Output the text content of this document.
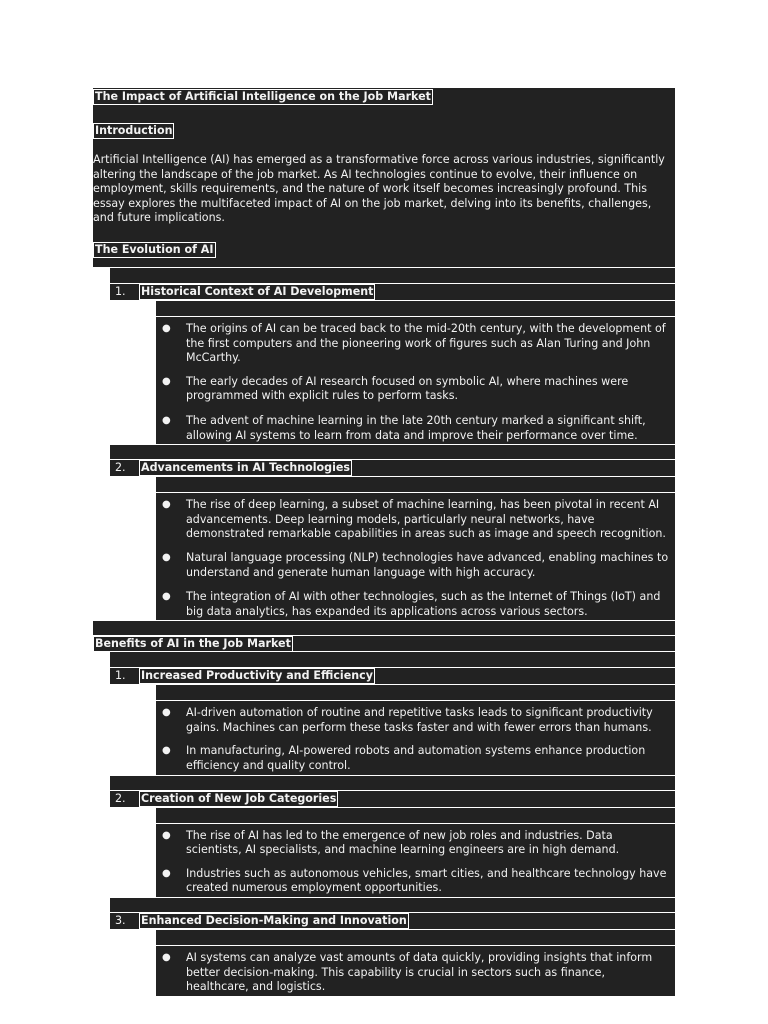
The Impact of Artificial Intelligence on the Job Market
Introduction
Artificial Intelligence (AI) has emerged as a transformative force across various industries, significantly altering the landscape of the job market. As AI technologies continue to evolve, their influence on employment, skills requirements, and the nature of work itself becomes increasingly profound. This essay explores the multifaceted impact of AI on the job market, delving into its benefits, challenges, and future implications.
The Evolution of AI
1. Historical Context of AI Development
● The origins of AI can be traced back to the mid-20th century, with the development of the first computers and the pioneering work of figures such as Alan Turing and John McCarthy.
● The early decades of AI research focused on symbolic AI, where machines were programmed with explicit rules to perform tasks.
● The advent of machine learning in the late 20th century marked a significant shift, allowing AI systems to learn from data and improve their performance over time.
2. Advancements in AI Technologies
● The rise of deep learning, a subset of machine learning, has been pivotal in recent AI advancements. Deep learning models, particularly neural networks, have demonstrated remarkable capabilities in areas such as image and speech recognition.
● Natural language processing (NLP) technologies have advanced, enabling machines to understand and generate human language with high accuracy.
● The integration of AI with other technologies, such as the Internet of Things (IoT) and big data analytics, has expanded its applications across various sectors.
Benefits of AI in the Job Market
1. Increased Productivity and Efficiency
● AI-driven automation of routine and repetitive tasks leads to significant productivity gains. Machines can perform these tasks faster and with fewer errors than humans.
● In manufacturing, AI-powered robots and automation systems enhance production efficiency and quality control.
2. Creation of New Job Categories
● The rise of AI has led to the emergence of new job roles and industries. Data scientists, AI specialists, and machine learning engineers are in high demand.
● Industries such as autonomous vehicles, smart cities, and healthcare technology have created numerous employment opportunities.
3. Enhanced Decision-Making and Innovation
● AI systems can analyze vast amounts of data quickly, providing insights that inform better decision-making. This capability is crucial in sectors such as finance, healthcare, and logistics.
